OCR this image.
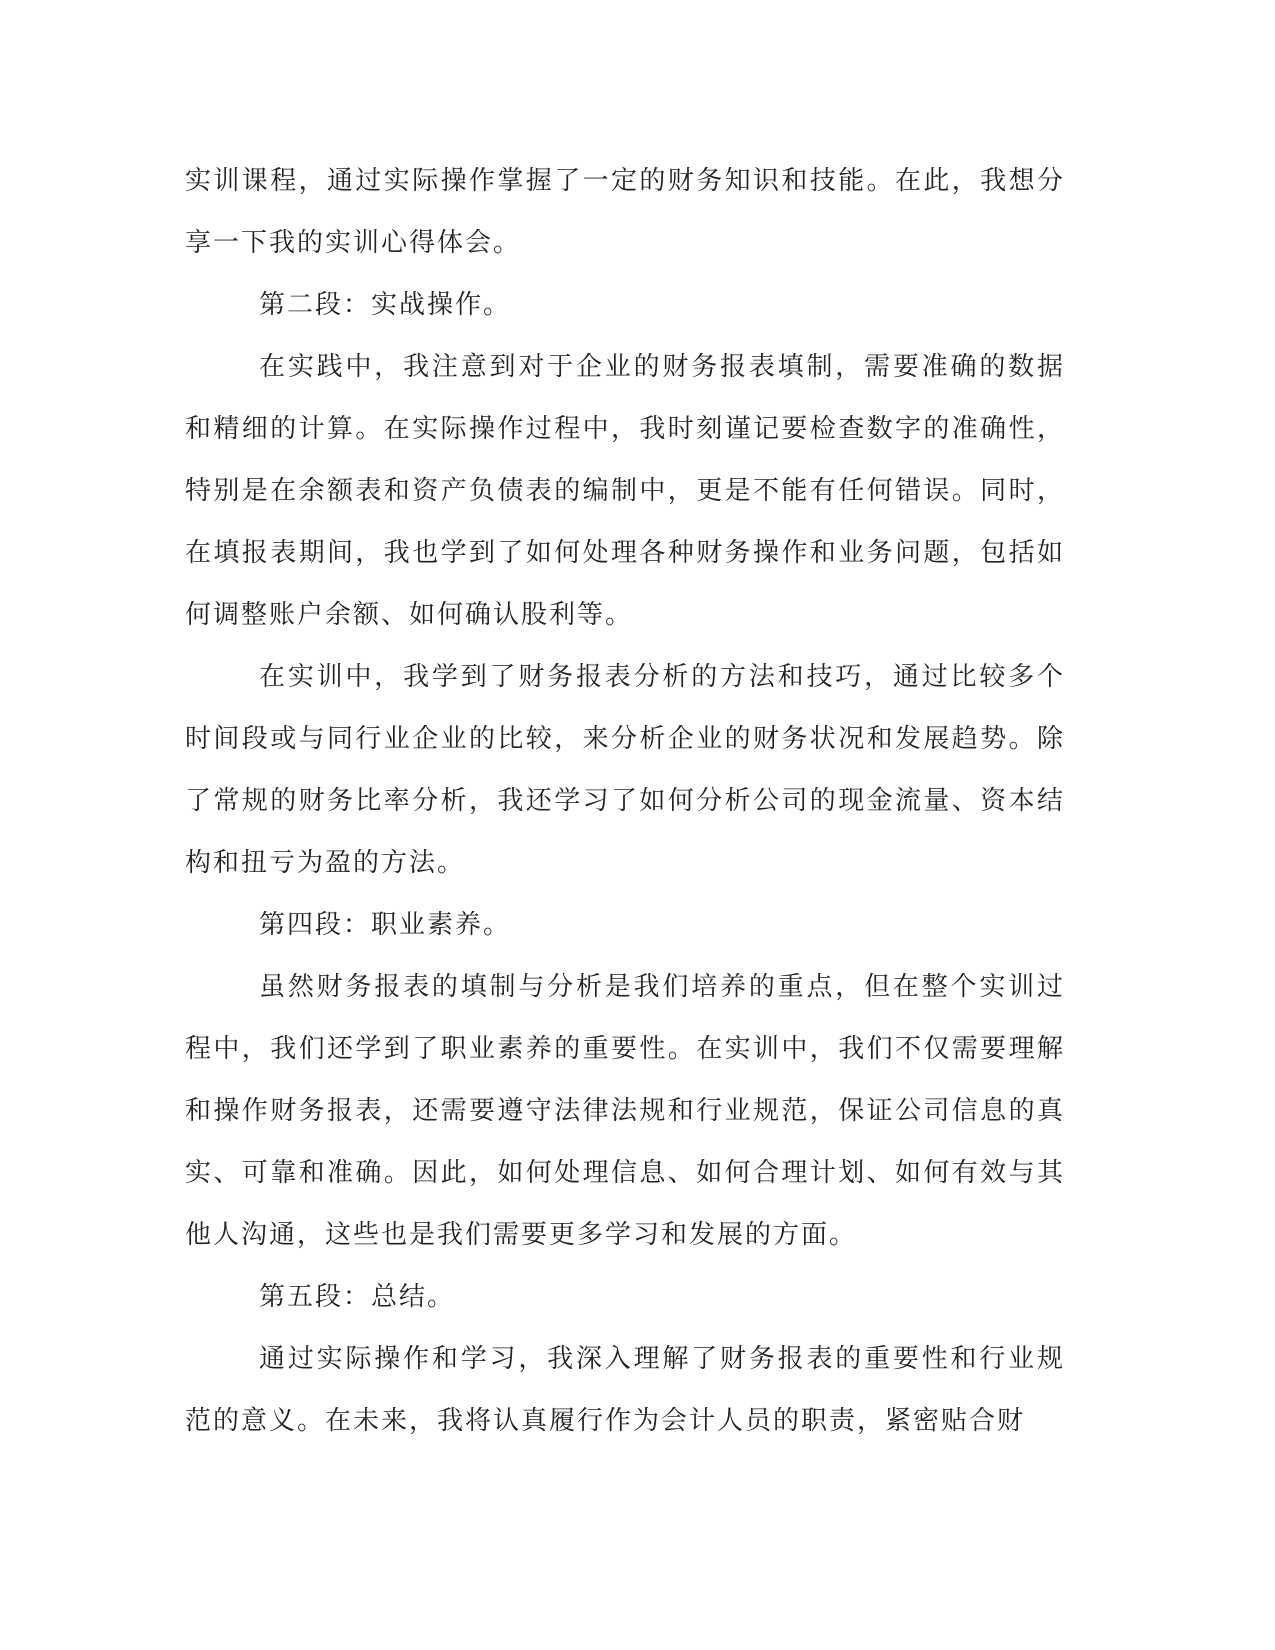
实训课程，通过实际操作掌握了一定的财务知识和技能。在此，我想分享一下我的实训心得体会。

第二段：实战操作。

在实践中，我注意到对于企业的财务报表填制，需要准确的数据和精细的计算。在实际操作过程中，我时刻谨记要检查数字的准确性，特别是在余额表和资产负债表的编制中，更是不能有任何错误。同时，在填报表期间，我也学到了如何处理各种财务操作和业务问题，包括如何调整账户余额、如何确认股利等。

在实训中，我学到了财务报表分析的方法和技巧，通过比较多个时间段或与同行业企业的比较，来分析企业的财务状况和发展趋势。除了常规的财务比率分析，我还学习了如何分析公司的现金流量、资本结构和扭亏为盈的方法。

第四段：职业素养。

虽然财务报表的填制与分析是我们培养的重点，但在整个实训过程中，我们还学到了职业素养的重要性。在实训中，我们不仅需要理解和操作财务报表，还需要遵守法律法规和行业规范，保证公司信息的真实、可靠和准确。因此，如何处理信息、如何合理计划、如何有效与其他人沟通，这些也是我们需要更多学习和发展的方面。

第五段：总结。

通过实际操作和学习，我深入理解了财务报表的重要性和行业规范的意义。在未来，我将认真履行作为会计人员的职责，紧密贴合财
